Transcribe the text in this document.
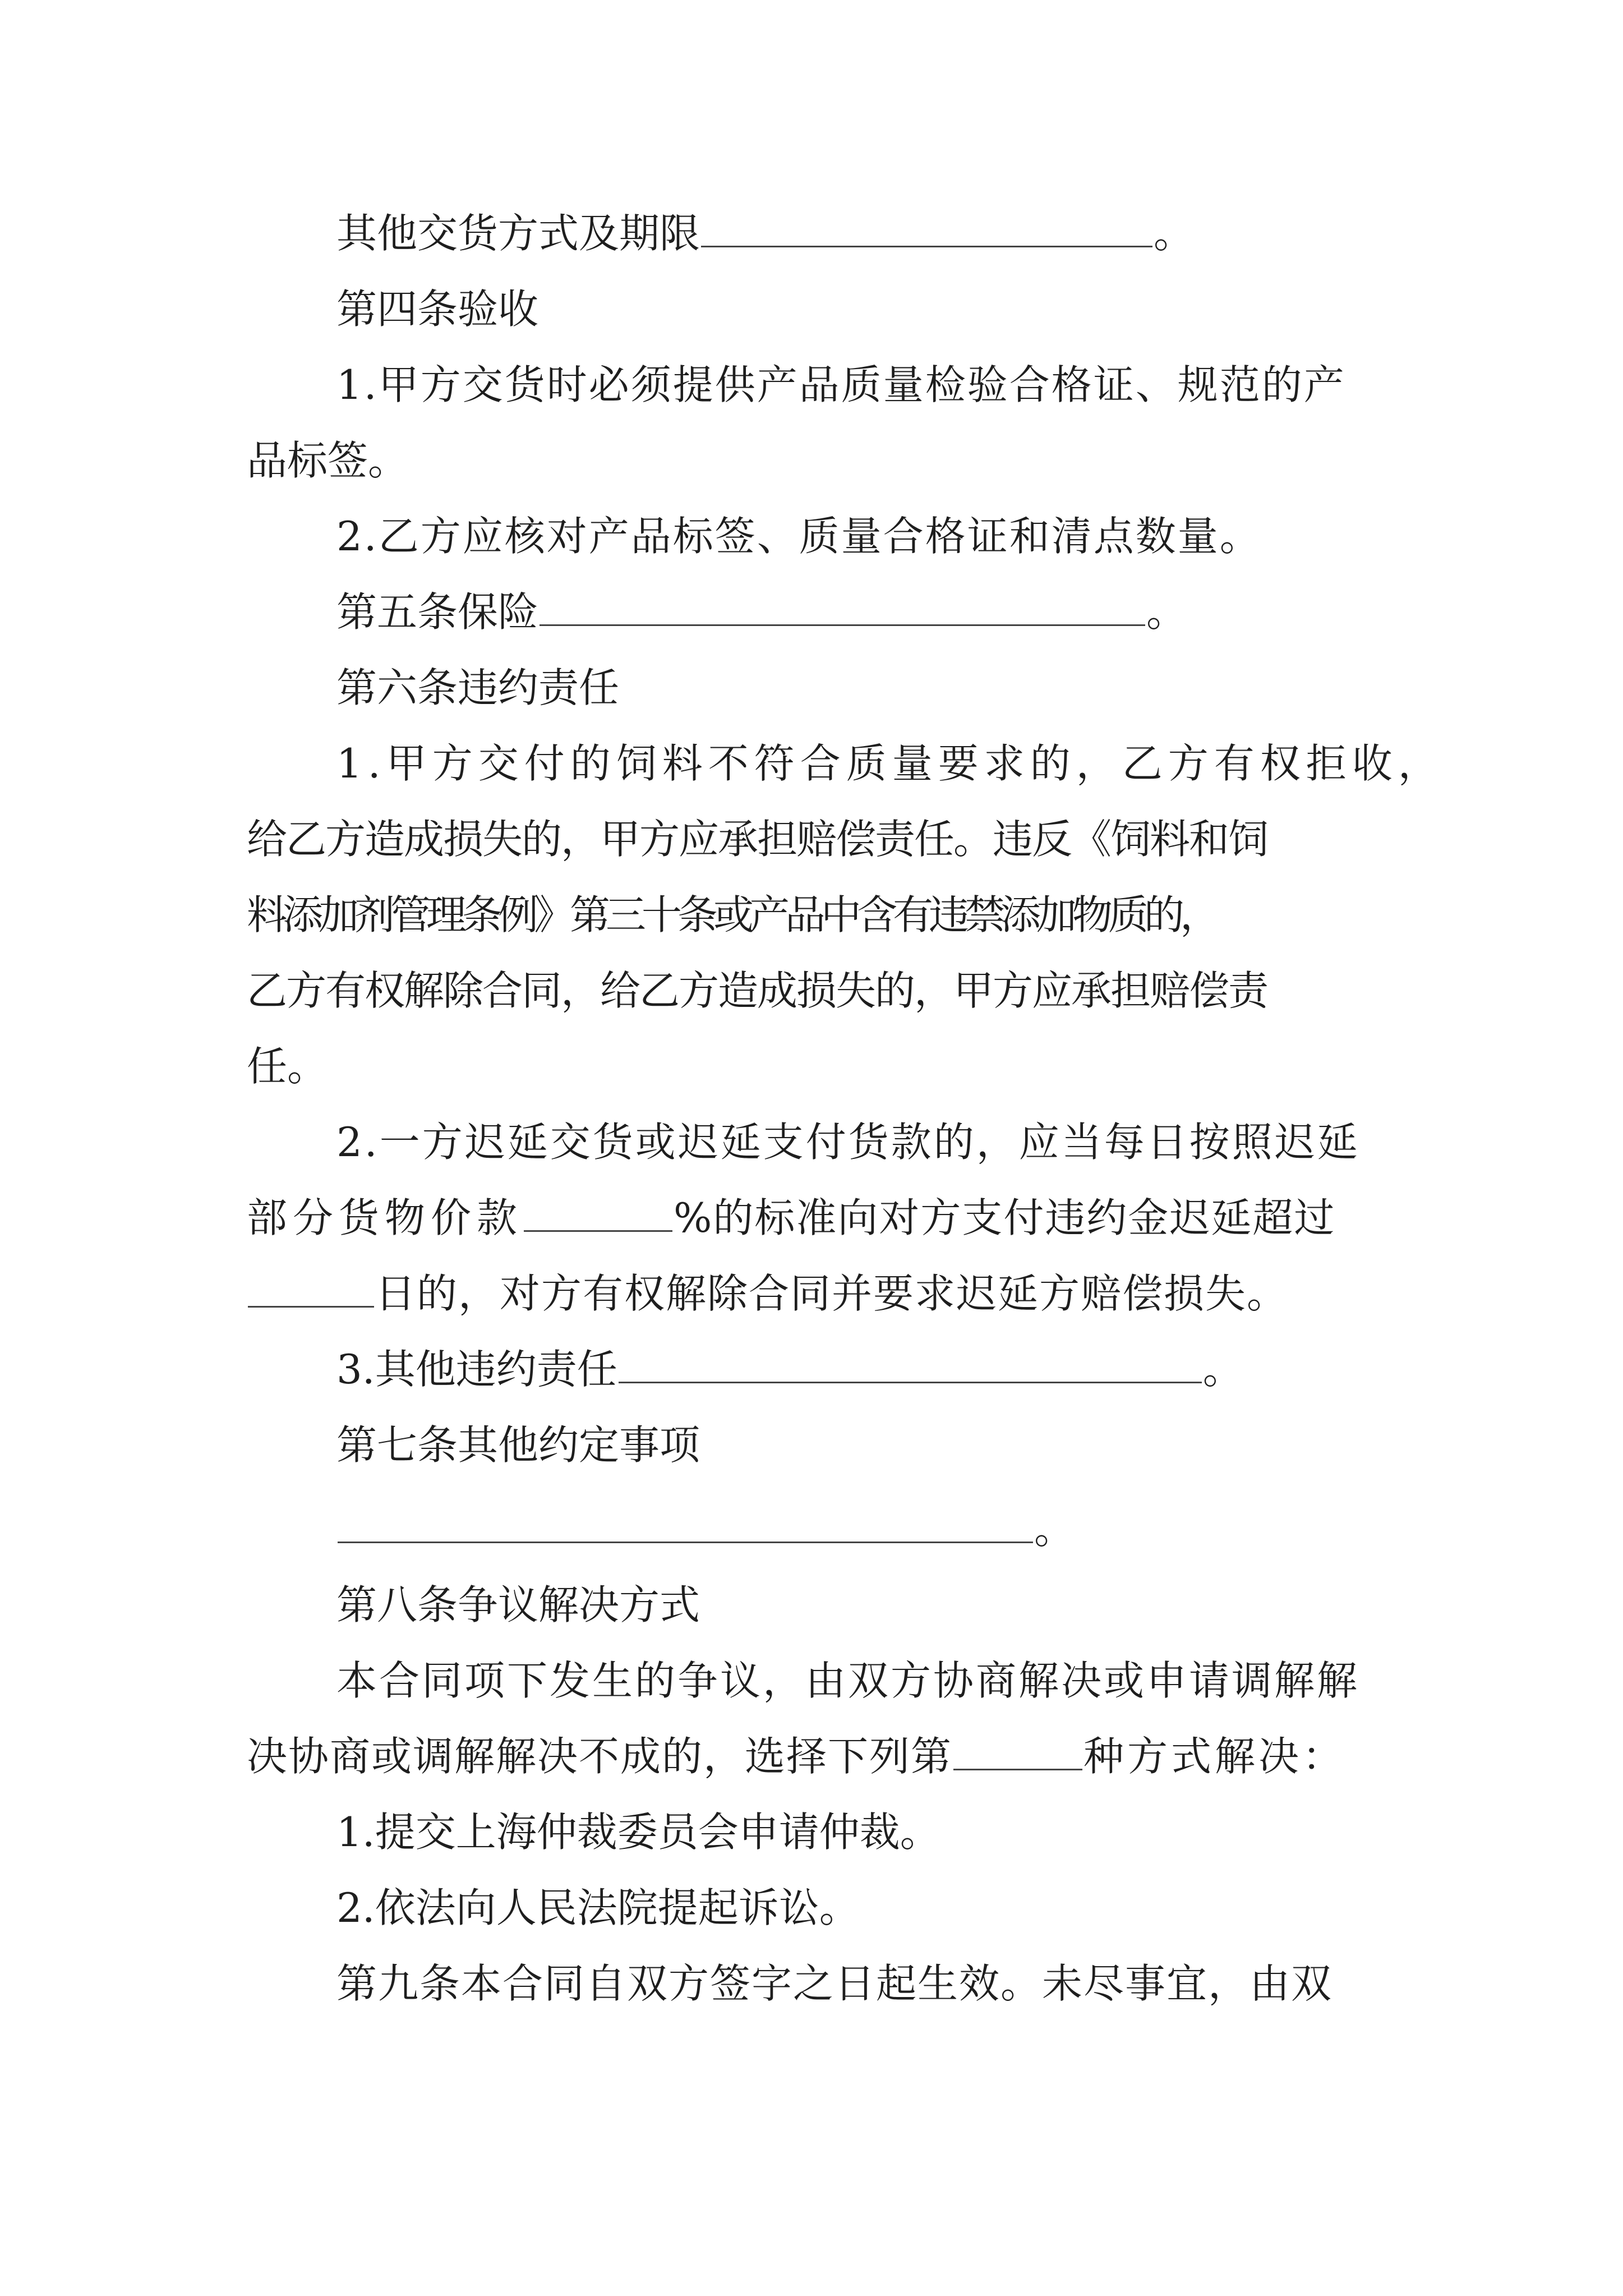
其他交货方式及期限	。
第四条验收
1.甲方交货时必须提供产品质量检验合格证、规范的产
品标签。
2.乙方应核对产品标签、质量合格证和清点数量。
第五条保险	。
第六条违约责任
1.甲方交付的饲料不符合质量要求的，乙方有权拒收，
给乙方造成损失的，甲方应承担赔偿责任。违反《饲料和饲
料添加剂管理条例》第三十条或产品中含有违禁添加物质的，
乙方有权解除合同，给乙方造成损失的，甲方应承担赔偿责
任。
2.一方迟延交货或迟延支付货款的，应当每日按照迟延
部分货物价款	%的标准向对方支付违约金迟延超过
日的，对方有权解除合同并要求迟延方赔偿损失。
3.其他违约责任	。
第七条其他约定事项
。
第八条争议解决方式
本合同项下发生的争议，由双方协商解决或申请调解解
决协商或调解解决不成的，选择下列第	种方式解决：
1.提交上海仲裁委员会申请仲裁。
2.依法向人民法院提起诉讼。
第九条本合同自双方签字之日起生效。未尽事宜，由双
